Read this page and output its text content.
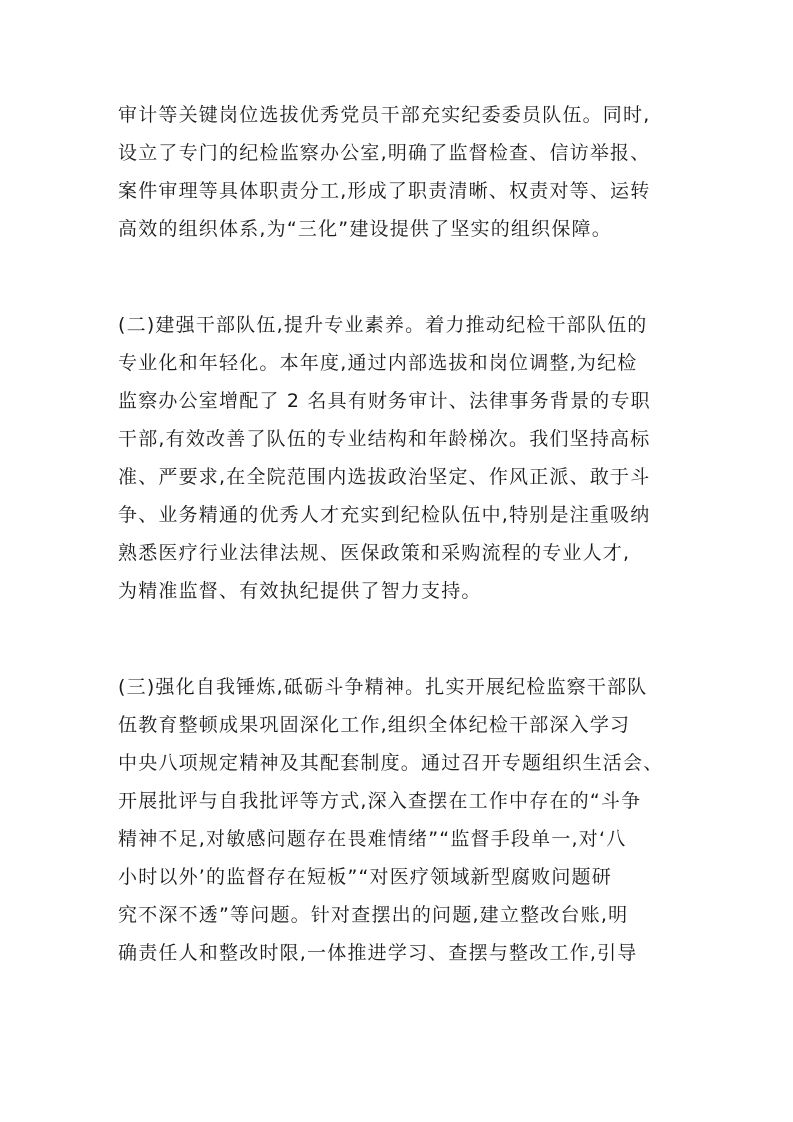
审计等关键岗位选拔优秀党员干部充实纪委委员队伍。同时,
设立了专门的纪检监察办公室,明确了监督检查、信访举报、
案件审理等具体职责分工,形成了职责清晰、权责对等、运转
高效的组织体系,为“三化”建设提供了坚实的组织保障。
(二)建强干部队伍,提升专业素养。着力推动纪检干部队伍的
专业化和年轻化。本年度,通过内部选拔和岗位调整,为纪检
监察办公室增配了 2 名具有财务审计、法律事务背景的专职
干部,有效改善了队伍的专业结构和年龄梯次。我们坚持高标
准、严要求,在全院范围内选拔政治坚定、作风正派、敢于斗
争、业务精通的优秀人才充实到纪检队伍中,特别是注重吸纳
熟悉医疗行业法律法规、医保政策和采购流程的专业人才,
为精准监督、有效执纪提供了智力支持。
(三)强化自我锤炼,砥砺斗争精神。扎实开展纪检监察干部队
伍教育整顿成果巩固深化工作,组织全体纪检干部深入学习
中央八项规定精神及其配套制度。通过召开专题组织生活会、
开展批评与自我批评等方式,深入查摆在工作中存在的“斗争
精神不足,对敏感问题存在畏难情绪”“监督手段单一,对‘八
小时以外’的监督存在短板”“对医疗领域新型腐败问题研
究不深不透”等问题。针对查摆出的问题,建立整改台账,明
确责任人和整改时限,一体推进学习、查摆与整改工作,引导
